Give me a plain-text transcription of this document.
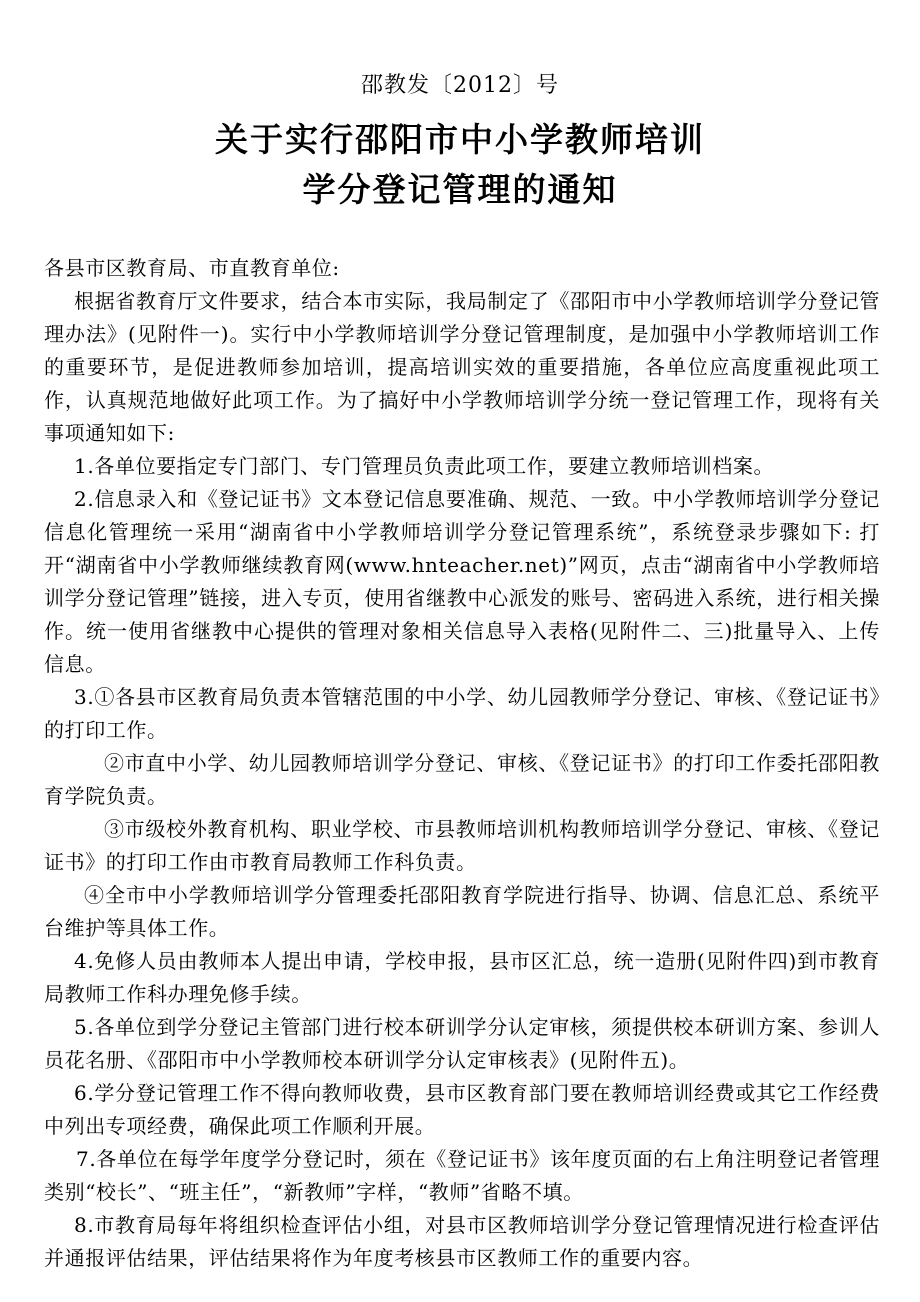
邵教发〔2012〕号
关于实行邵阳市中小学教师培训
学分登记管理的通知

各县市区教育局、市直教育单位:

根据省教育厅文件要求，结合本市实际，我局制定了《邵阳市中小学教师培训学分登记管理办法》(见附件一)。实行中小学教师培训学分登记管理制度，是加强中小学教师培训工作的重要环节，是促进教师参加培训，提高培训实效的重要措施，各单位应高度重视此项工作，认真规范地做好此项工作。为了搞好中小学教师培训学分统一登记管理工作，现将有关事项通知如下:

1.各单位要指定专门部门、专门管理员负责此项工作，要建立教师培训档案。

2.信息录入和《登记证书》文本登记信息要准确、规范、一致。中小学教师培训学分登记信息化管理统一采用“湖南省中小学教师培训学分登记管理系统”，系统登录步骤如下: 打开“湖南省中小学教师继续教育网(www.hnteacher.net)”网页，点击“湖南省中小学教师培训学分登记管理”链接，进入专页，使用省继教中心派发的账号、密码进入系统，进行相关操作。统一使用省继教中心提供的管理对象相关信息导入表格(见附件二、三)批量导入、上传信息。

3.①各县市区教育局负责本管辖范围的中小学、幼儿园教师学分登记、审核、《登记证书》的打印工作。

②市直中小学、幼儿园教师培训学分登记、审核、《登记证书》的打印工作委托邵阳教育学院负责。

③市级校外教育机构、职业学校、市县教师培训机构教师培训学分登记、审核、《登记证书》的打印工作由市教育局教师工作科负责。

④全市中小学教师培训学分管理委托邵阳教育学院进行指导、协调、信息汇总、系统平台维护等具体工作。

4.免修人员由教师本人提出申请，学校申报，县市区汇总，统一造册(见附件四)到市教育局教师工作科办理免修手续。

5.各单位到学分登记主管部门进行校本研训学分认定审核，须提供校本研训方案、参训人员花名册、《邵阳市中小学教师校本研训学分认定审核表》(见附件五)。

6.学分登记管理工作不得向教师收费，县市区教育部门要在教师培训经费或其它工作经费中列出专项经费，确保此项工作顺利开展。

7.各单位在每学年度学分登记时，须在《登记证书》该年度页面的右上角注明登记者管理类别“校长”、“班主任”，“新教师”字样，“教师”省略不填。

8.市教育局每年将组织检查评估小组，对县市区教师培训学分登记管理情况进行检查评估并通报评估结果，评估结果将作为年度考核县市区教师工作的重要内容。
